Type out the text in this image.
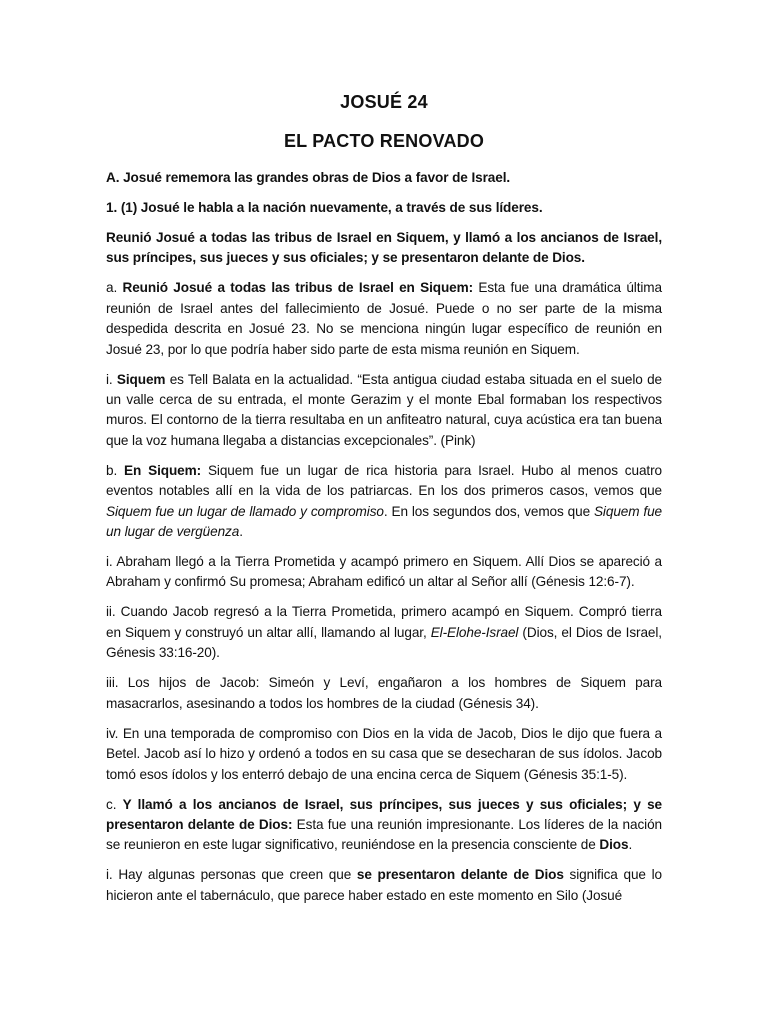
JOSUÉ 24
EL PACTO RENOVADO

A. Josué rememora las grandes obras de Dios a favor de Israel.

1. (1) Josué le habla a la nación nuevamente, a través de sus líderes.

Reunió Josué a todas las tribus de Israel en Siquem, y llamó a los ancianos de Israel, sus príncipes, sus jueces y sus oficiales; y se presentaron delante de Dios.

a. Reunió Josué a todas las tribus de Israel en Siquem: Esta fue una dramática última reunión de Israel antes del fallecimiento de Josué. Puede o no ser parte de la misma despedida descrita en Josué 23. No se menciona ningún lugar específico de reunión en Josué 23, por lo que podría haber sido parte de esta misma reunión en Siquem.

i. Siquem es Tell Balata en la actualidad. “Esta antigua ciudad estaba situada en el suelo de un valle cerca de su entrada, el monte Gerazim y el monte Ebal formaban los respectivos muros. El contorno de la tierra resultaba en un anfiteatro natural, cuya acústica era tan buena que la voz humana llegaba a distancias excepcionales”. (Pink)

b. En Siquem: Siquem fue un lugar de rica historia para Israel. Hubo al menos cuatro eventos notables allí en la vida de los patriarcas. En los dos primeros casos, vemos que Siquem fue un lugar de llamado y compromiso. En los segundos dos, vemos que Siquem fue un lugar de vergüenza.

i. Abraham llegó a la Tierra Prometida y acampó primero en Siquem. Allí Dios se apareció a Abraham y confirmó Su promesa; Abraham edificó un altar al Señor allí (Génesis 12:6-7).

ii. Cuando Jacob regresó a la Tierra Prometida, primero acampó en Siquem. Compró tierra en Siquem y construyó un altar allí, llamando al lugar, El-Elohe-Israel (Dios, el Dios de Israel, Génesis 33:16-20).

iii. Los hijos de Jacob: Simeón y Leví, engañaron a los hombres de Siquem para masacrarlos, asesinando a todos los hombres de la ciudad (Génesis 34).

iv. En una temporada de compromiso con Dios en la vida de Jacob, Dios le dijo que fuera a Betel. Jacob así lo hizo y ordenó a todos en su casa que se desecharan de sus ídolos. Jacob tomó esos ídolos y los enterró debajo de una encina cerca de Siquem (Génesis 35:1-5).

c. Y llamó a los ancianos de Israel, sus príncipes, sus jueces y sus oficiales; y se presentaron delante de Dios: Esta fue una reunión impresionante. Los líderes de la nación se reunieron en este lugar significativo, reuniéndose en la presencia consciente de Dios.

i. Hay algunas personas que creen que se presentaron delante de Dios significa que lo hicieron ante el tabernáculo, que parece haber estado en este momento en Silo (Josué
